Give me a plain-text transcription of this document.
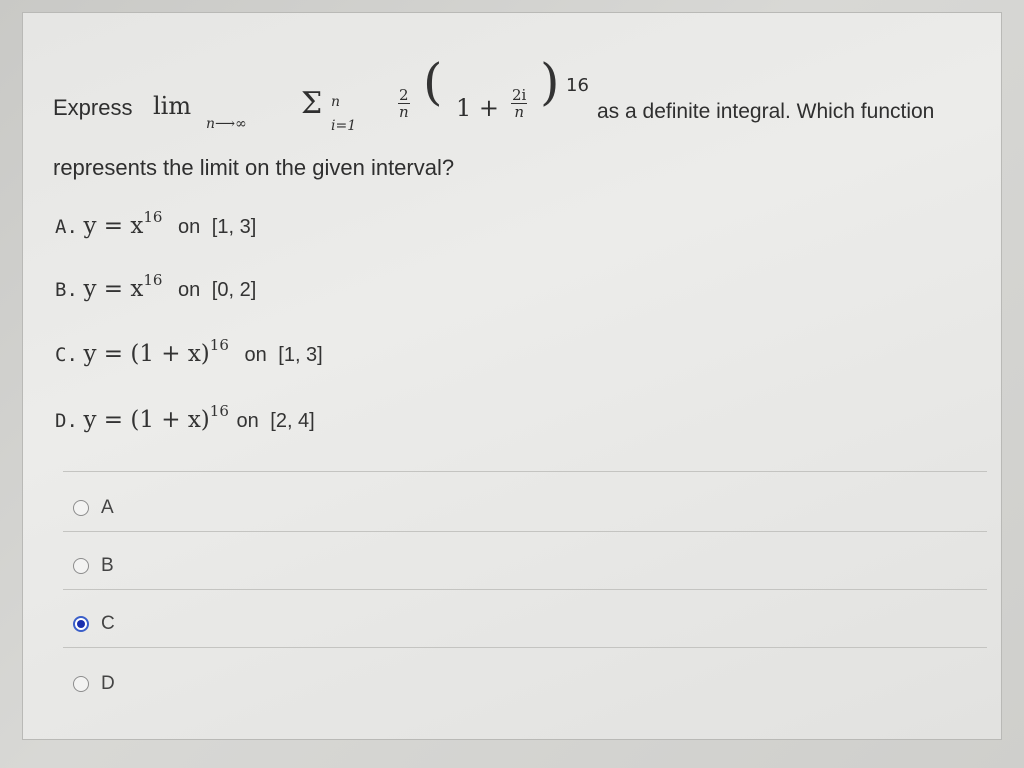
Express lim
n⟶∞
Σ n
i=1
$\frac{2}{n}$ ( $1 + \frac{2i}{n}$ ) 16
as a definite integral. Which function
represents the limit on the given interval?
A. $y = x^{16}$ on [1, 3]
B. $y = x^{16}$ on [0, 2]
C. $y = (1 + x)^{16}$ on [1, 3]
D. $y = (1 + x)^{16}$ on [2, 4]
A
B
C
D
